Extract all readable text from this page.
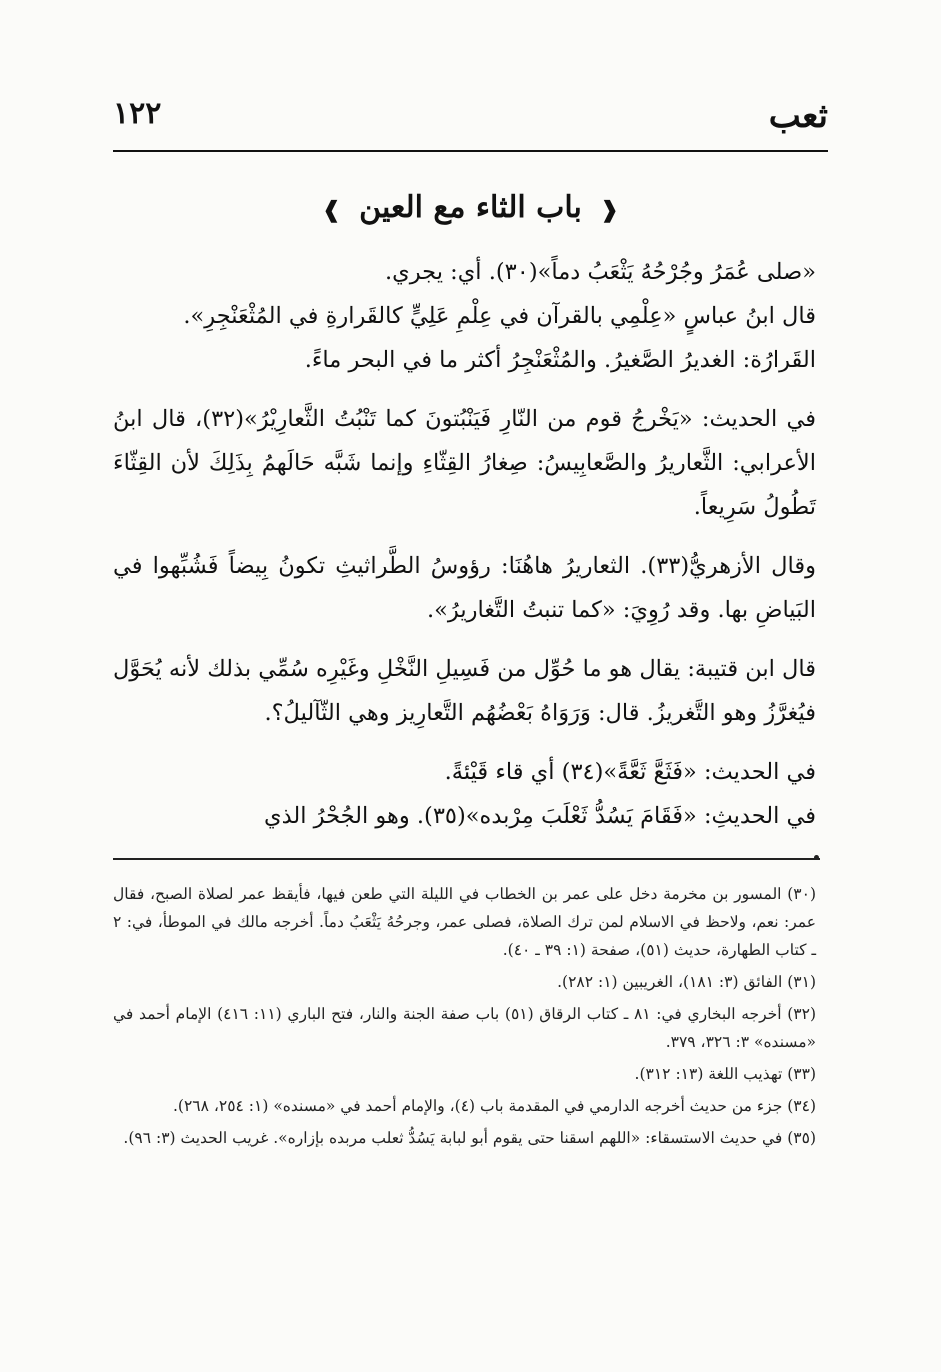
ثعب
١٢٢
❰ باب الثاء مع العين ❱

«صلى عُمَرُ وجُرْحُهُ يَثْعَبُ دماً»(٣٠). أي: يجري.

قال ابنُ عباسٍ «عِلْمِي بالقرآن في عِلْمِ عَلِيٍّ كالقَرارةِ في المُثْعَنْجِرِ».

القَرارُة: الغديرُ الصَّغيرُ. والمُثْعَنْجِرُ أكثر ما في البحر ماءً.

في الحديث: «يَخْرجُ قوم من النّارِ فَيَنْبُتونَ كما تَنْبُتُ الثَّعارِيْرُ»(٣٢)، قال ابنُ الأعرابي: الثَّعاريرُ والصَّعابِيسُ: صِغارُ القِثّاءِ وإنما شَبَّه حَالَهمُ بِذَلِكَ لأن القِثّاءَ تَطُولُ سَرِيعاً.

وقال الأزهريُّ(٣٣). الثعاريرُ هاهُنَا: رؤوسُ الطَّراثيثِ تكونُ بِيضاً فَشُبِّهوا في البَياضِ بها. وقد رُوِيَ: «كما تنبتُ التَّغاريرُ».

قال ابن قتيبة: يقال هو ما حُوِّل من فَسِيلِ النَّخْلِ وغَيْرِه سُمِّي بذلك لأنه يُحَوَّل فيُغرَّزُ وهو التَّغريزُ. قال: وَرَوَاهُ بَعْضُهُم التَّعارِيز وهي الثّآليلُ؟.

في الحديث: «فَثَعَّ ثَعَّةً»(٣٤) أي قاء قَيْئةً.

في الحديثِ: «فَقَامَ يَسُدُّ ثَعْلَبَ مِرْبده»(٣٥). وهو الجُحْرُ الذي

(٣٠) المسور بن مخرمة دخل على عمر بن الخطاب في الليلة التي طعن فيها، فأيقظ عمر لصلاة الصبح، فقال عمر: نعم، ولاحظ في الاسلام لمن ترك الصلاة، فصلى عمر، وجرحُهُ يَثْعَبُ دماً. أخرجه مالك في الموطأ، في: ٢ ـ كتاب الطهارة، حديث (٥١)، صفحة (١: ٣٩ ـ ٤٠).

(٣١) الفائق (٣: ١٨١)، الغريبين (١: ٢٨٢).

(٣٢) أخرجه البخاري في: ٨١ ـ كتاب الرقاق (٥١) باب صفة الجنة والنار، فتح الباري (١١: ٤١٦) الإمام أحمد في «مسنده» ٣: ٣٢٦، ٣٧٩.

(٣٣) تهذيب اللغة (١٣: ٣١٢).

(٣٤) جزء من حديث أخرجه الدارمي في المقدمة باب (٤)، والإمام أحمد في «مسنده» (١: ٢٥٤، ٢٦٨).

(٣٥) في حديث الاستسقاء: «اللهم اسقنا حتى يقوم أبو لبابة يَسُدُّ ثعلب مربده بإزاره». غريب الحديث (٣: ٩٦).
